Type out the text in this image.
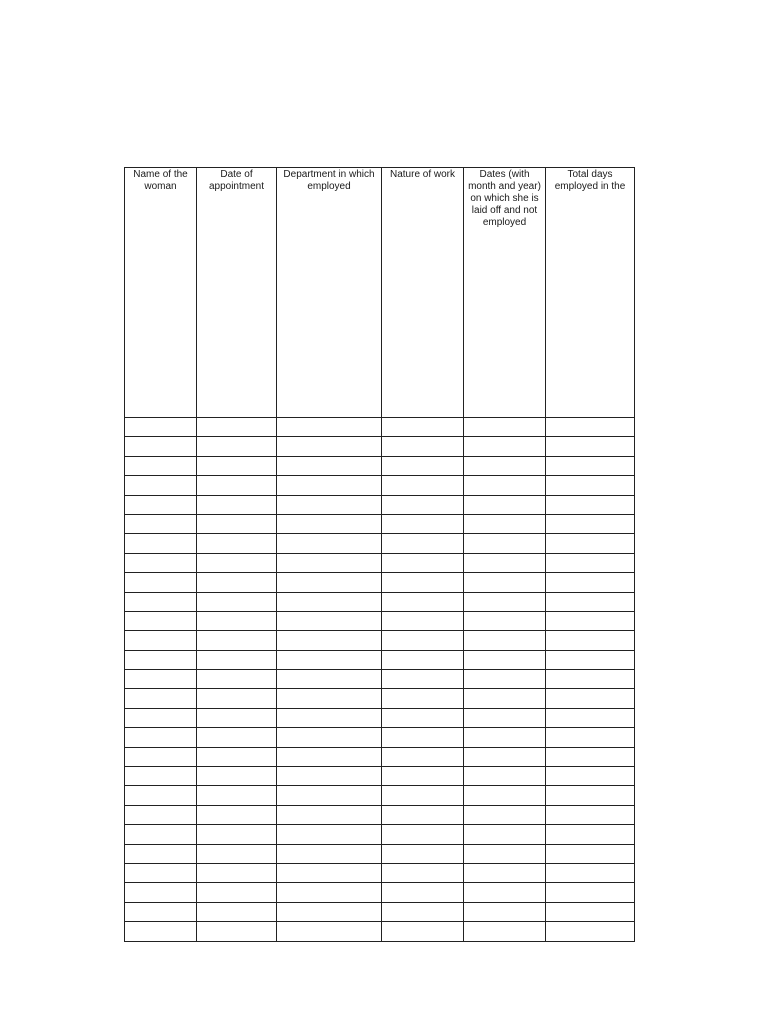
Name of the woman	Date of appointment	Department in which employed	Nature of work	Dates (with month and year) on which she is laid off and not employed	Total days employed in the
